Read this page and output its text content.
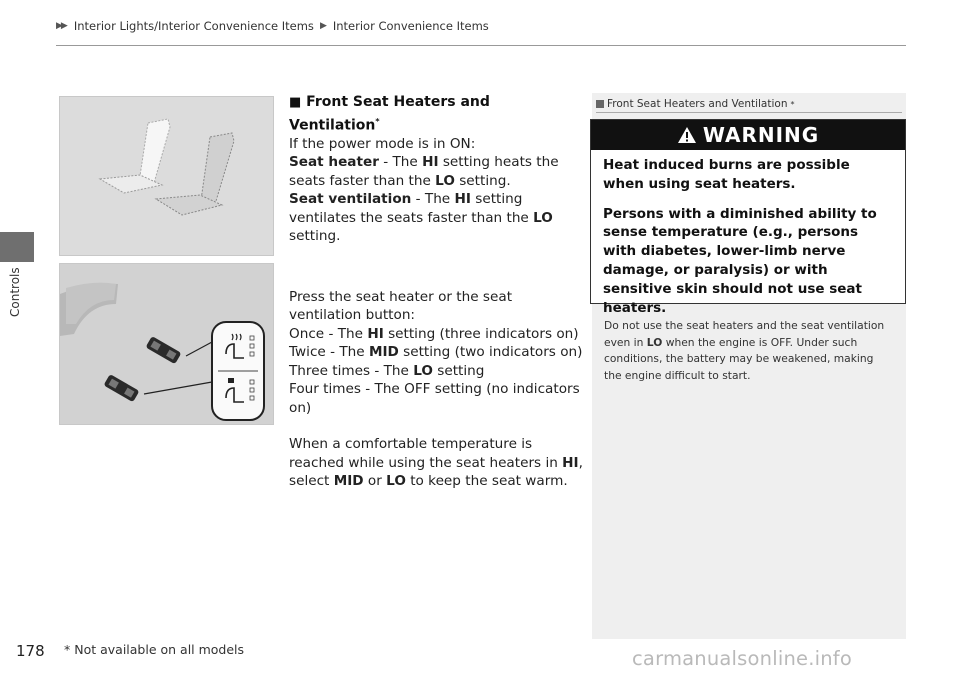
▶▶ Interior Lights/Interior Convenience Items ▶ Interior Convenience Items
Controls
■ Front Seat Heaters and Ventilation*
If the power mode is in ON:
Seat heater - The HI setting heats the seats faster than the LO setting.
Seat ventilation - The HI setting ventilates the seats faster than the LO setting.
Press the seat heater or the seat ventilation button:
Once - The HI setting (three indicators on)
Twice - The MID setting (two indicators on)
Three times - The LO setting
Four times - The OFF setting (no indicators on)
When a comfortable temperature is reached while using the seat heaters in HI, select MID or LO to keep the seat warm.
Front Seat Heaters and Ventilation *
WARNING

Heat induced burns are possible when using seat heaters.

Persons with a diminished ability to sense temperature (e.g., persons with diabetes, lower-limb nerve damage, or paralysis) or with sensitive skin should not use seat heaters.

Do not use the seat heaters and the seat ventilation even in LO when the engine is OFF. Under such conditions, the battery may be weakened, making the engine difficult to start.
178 * Not available on all models	carmanualsonline.info
